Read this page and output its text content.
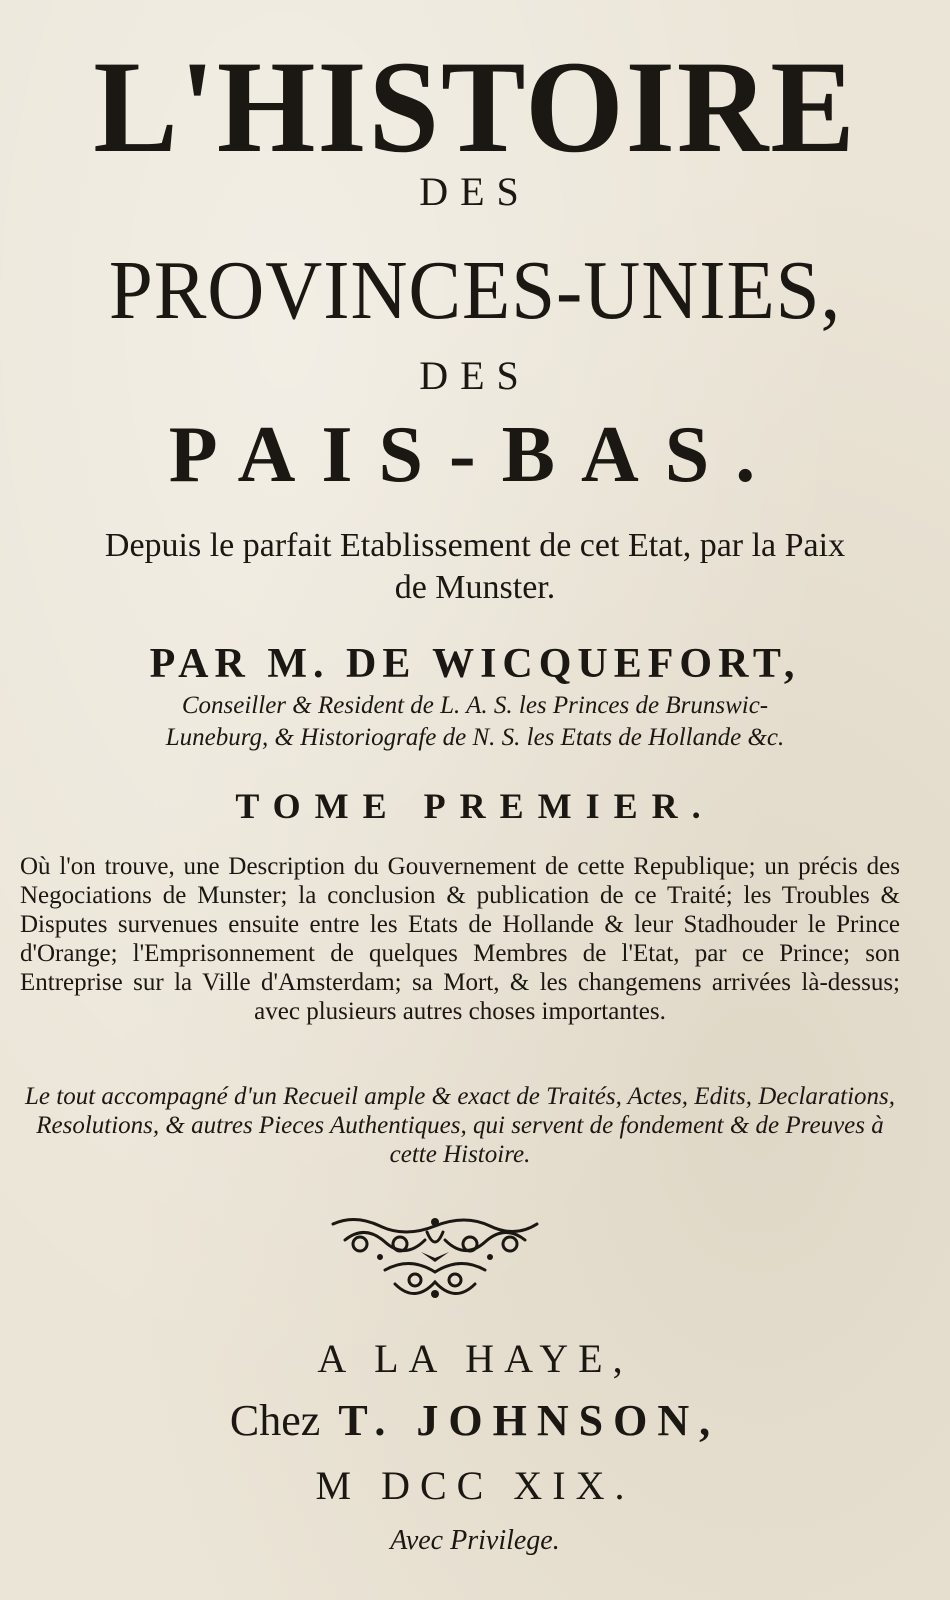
L'HISTOIRE
DES
PROVINCES-UNIES,
DES
PAIS-BAS.
Depuis le parfait Etablissement de cet Etat, par la Paix de Munster.
PAR M. DE WICQUEFORT,
Conseiller & Resident de L. A. S. les Princes de Brunswic-Luneburg, & Historiografe de N. S. les Etats de Hollande &c.
TOME PREMIER.
Où l'on trouve, une Description du Gouvernement de cette Republique; un précis des Negociations de Munster; la conclusion & publication de ce Traité; les Troubles & Disputes survenues ensuite entre les Etats de Hollande & leur Stadhouder le Prince d'Orange; l'Emprisonnement de quelques Membres de l'Etat, par ce Prince; son Entreprise sur la Ville d'Amsterdam; sa Mort, & les changemens arrivées là-dessus; avec plusieurs autres choses importantes.
Le tout accompagné d'un Recueil ample & exact de Traités, Actes, Edits, Declarations, Resolutions, & autres Pieces Authentiques, qui servent de fondement & de Preuves à cette Histoire.
A LA HAYE,
Chez T. JOHNSON,
M DCC XIX.
Avec Privilege.
